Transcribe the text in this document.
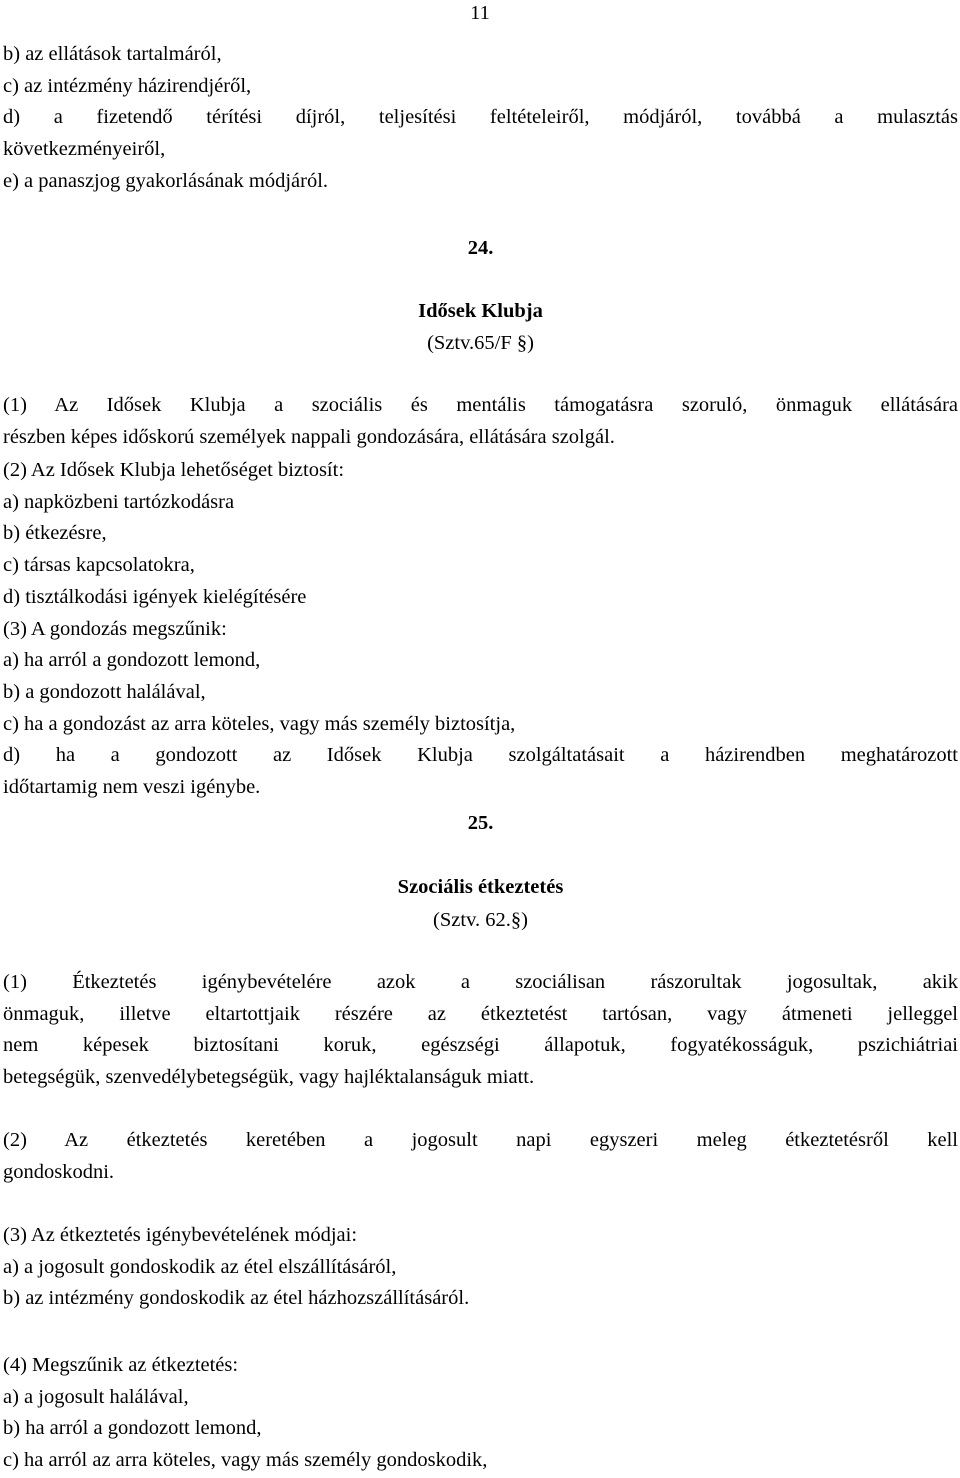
11
b) az ellátások tartalmáról,
c) az intézmény házirendjéről,
d) a fizetendő térítési díjról, teljesítési feltételeiről, módjáról, továbbá a mulasztás
következményeiről,
e) a panaszjog gyakorlásának módjáról.
24.
Idősek Klubja
(Sztv.65/F §)
(1) Az Idősek Klubja a szociális és mentális támogatásra szoruló, önmaguk ellátására
részben képes időskorú személyek nappali gondozására, ellátására szolgál.
(2) Az Idősek Klubja lehetőséget biztosít:
a) napközbeni tartózkodásra
b) étkezésre,
c) társas kapcsolatokra,
d) tisztálkodási igények kielégítésére
(3) A gondozás megszűnik:
a) ha arról a gondozott lemond,
b) a gondozott halálával,
c) ha a gondozást az arra köteles, vagy más személy biztosítja,
d) ha a gondozott az Idősek Klubja szolgáltatásait a házirendben meghatározott
időtartamig nem veszi igénybe.
25.
Szociális étkeztetés
(Sztv. 62.§)
(1) Étkeztetés igénybevételére azok a szociálisan rászorultak jogosultak, akik
önmaguk, illetve eltartottjaik részére az étkeztetést tartósan, vagy átmeneti jelleggel
nem képesek biztosítani koruk, egészségi állapotuk, fogyatékosságuk, pszichiátriai
betegségük, szenvedélybetegségük, vagy hajléktalanságuk miatt.
(2) Az étkeztetés keretében a jogosult napi egyszeri meleg étkeztetésről kell
gondoskodni.
(3) Az étkeztetés igénybevételének módjai:
a) a jogosult gondoskodik az étel elszállításáról,
b) az intézmény gondoskodik az étel házhozszállításáról.
(4) Megszűnik az étkeztetés:
a) a jogosult halálával,
b) ha arról a gondozott lemond,
c) ha arról az arra köteles, vagy más személy gondoskodik,
